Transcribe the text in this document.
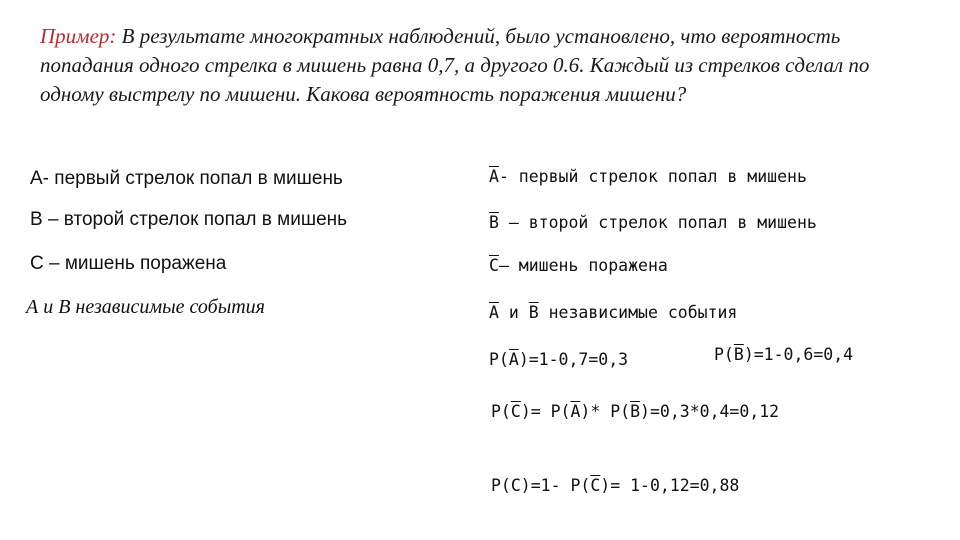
Пример: В результате многократных наблюдений, было установлено, что вероятность попадания одного стрелка в мишень равна 0,7, а другого 0.6. Каждый из стрелков сделал по одному выстрелу по мишени. Какова вероятность поражения мишени?
А- первый стрелок попал в мишень
В – второй стрелок попал в мишень
С – мишень поражена
А и В независимые события
А- первый стрелок попал в мишень
В – второй стрелок попал в мишень
С– мишень поражена
А и В независимые события
P(А)=1-0,7=0,3	P(В)=1-0,6=0,4
P(С)= P(А)* P(В)=0,3*0,4=0,12
P(C)=1- P(С)= 1-0,12=0,88
